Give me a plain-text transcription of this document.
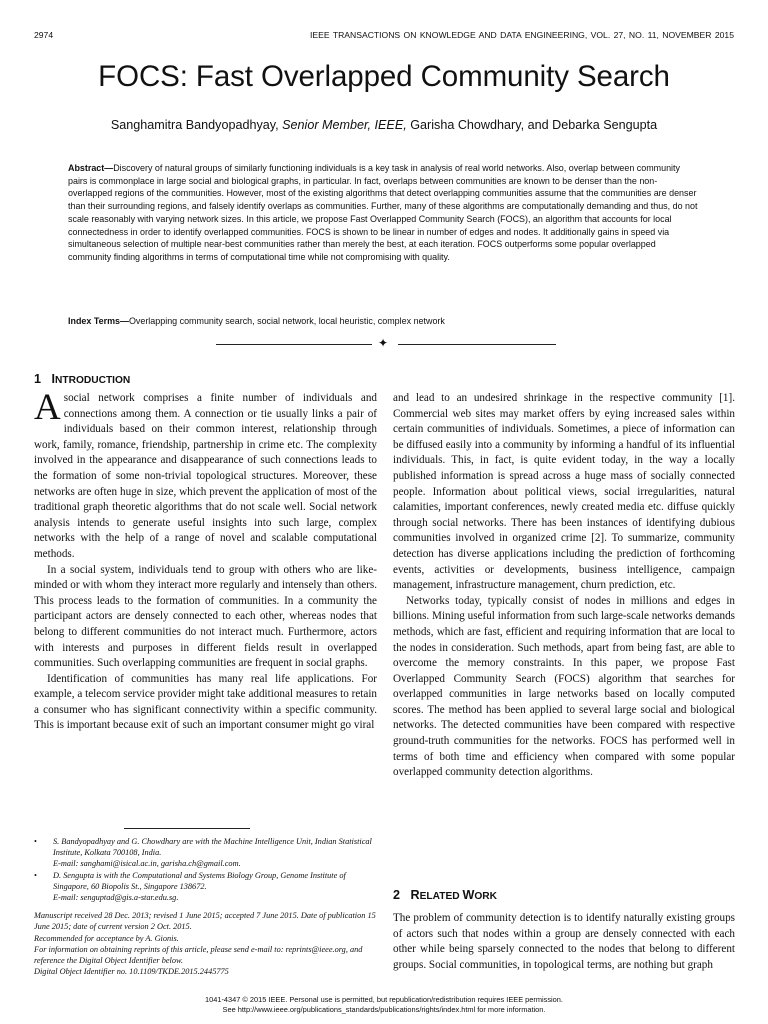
2974	IEEE TRANSACTIONS ON KNOWLEDGE AND DATA ENGINEERING, VOL. 27, NO. 11, NOVEMBER 2015
FOCS: Fast Overlapped Community Search
Sanghamitra Bandyopadhyay, Senior Member, IEEE, Garisha Chowdhary, and Debarka Sengupta
Abstract—Discovery of natural groups of similarly functioning individuals is a key task in analysis of real world networks. Also, overlap between community pairs is commonplace in large social and biological graphs, in particular. In fact, overlaps between communities are known to be denser than the non-overlapped regions of the communities. However, most of the existing algorithms that detect overlapping communities assume that the communities are denser than their surrounding regions, and falsely identify overlaps as communities. Further, many of these algorithms are computationally demanding and thus, do not scale reasonably with varying network sizes. In this article, we propose Fast Overlapped Community Search (FOCS), an algorithm that accounts for local connectedness in order to identify overlapped communities. FOCS is shown to be linear in number of edges and nodes. It additionally gains in speed via simultaneous selection of multiple near-best communities rather than merely the best, at each iteration. FOCS outperforms some popular overlapped community finding algorithms in terms of computational time while not compromising with quality.
Index Terms—Overlapping community search, social network, local heuristic, complex network
✦
1 INTRODUCTION

Asocial network comprises a finite number of individuals and connections among them. A connection or tie usually links a pair of individuals based on their common interest, relationship through work, family, romance, friendship, partnership in crime etc. The complexity involved in the appearance and disappearance of such connections leads to the formation of some non-trivial topological structures. Moreover, these networks are often huge in size, which prevent the application of most of the traditional graph theoretic algorithms that do not scale well. Social network analysis intends to generate useful insights into such large, complex networks with the help of a range of novel and scalable computational methods.

In a social system, individuals tend to group with others who are like-minded or with whom they interact more regularly and intensely than others. This process leads to the formation of communities. In a community the participant actors are densely connected to each other, whereas nodes that belong to different communities do not interact much. Furthermore, actors with interests and purposes in different fields result in overlapped communities. Such overlapping communities are frequent in social graphs.

Identification of communities has many real life applications. For example, a telecom service provider might take additional measures to retain a consumer who has significant connectivity within a specific community. This is important because exit of such an important consumer might go viral

and lead to an undesired shrinkage in the respective community [1]. Commercial web sites may market offers by eying increased sales within certain communities of individuals. Sometimes, a piece of information can be diffused easily into a community by informing a handful of its influential individuals. This, in fact, is quite evident today, in the way a locally published information is spread across a huge mass of socially connected people. Information about political views, social irregularities, natural calamities, important conferences, newly created media etc. diffuse quickly through social networks. There has been instances of identifying dubious communities involved in organized crime [2]. To summarize, community detection has diverse applications including the prediction of forthcoming events, activities or developments, business intelligence, campaign management, infrastructure management, churn prediction, etc.

Networks today, typically consist of nodes in millions and edges in billions. Mining useful information from such large-scale networks demands methods, which are fast, efficient and requiring information that are local to the nodes in consideration. Such methods, apart from being fast, are able to overcome the memory constraints. In this paper, we propose Fast Overlapped Community Search (FOCS) algorithm that searches for overlapped communities in large networks based on locally computed scores. The method has been applied to several large social and biological networks. The detected communities have been compared with respective ground-truth communities for the networks. FOCS has performed well in terms of both time and efficiency when compared with some popular overlapped community detection algorithms.

2 RELATED WORK

The problem of community detection is to identify naturally existing groups of actors such that nodes within a group are densely connected with each other while being sparsely connected to the nodes that belong to different groups. Social communities, in topological terms, are nothing but graph

• S. Bandyopadhyay and G. Chowdhary are with the Machine Intelligence Unit, Indian Statistical Institute, Kolkata 700108, India.
E-mail: sanghami@isical.ac.in, garisha.ch@gmail.com.
• D. Sengupta is with the Computational and Systems Biology Group, Genome Institute of Singapore, 60 Biopolis St., Singapore 138672.
E-mail: senguptad@gis.a-star.edu.sg.
Manuscript received 28 Dec. 2013; revised 1 June 2015; accepted 7 June 2015. Date of publication 15 June 2015; date of current version 2 Oct. 2015.
Recommended for acceptance by A. Gionis.
For information on obtaining reprints of this article, please send e-mail to: reprints@ieee.org, and reference the Digital Object Identifier below.
Digital Object Identifier no. 10.1109/TKDE.2015.2445775
1041-4347 © 2015 IEEE. Personal use is permitted, but republication/redistribution requires IEEE permission.
See http://www.ieee.org/publications_standards/publications/rights/index.html for more information.
